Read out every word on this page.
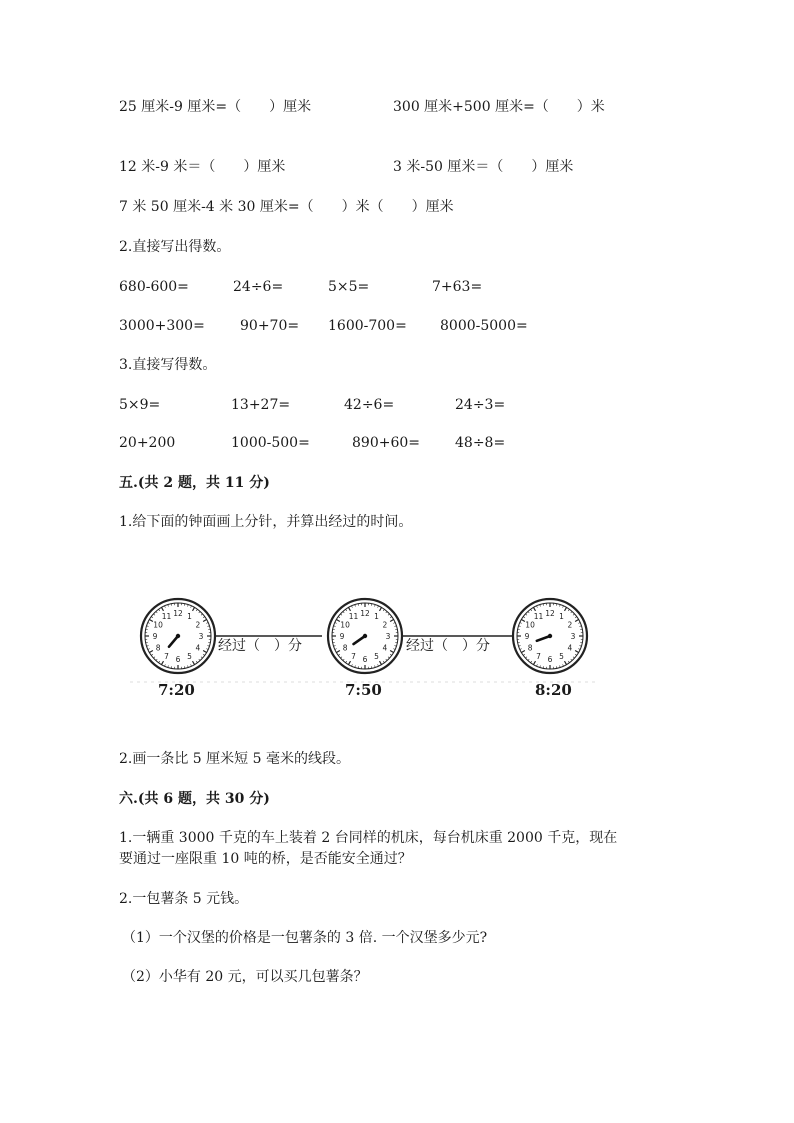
25 厘米-9 厘米=（　　）厘米	300 厘米+500 厘米=（　　）米
12 米-9 米＝（　　）厘米	3 米-50 厘米＝（　　）厘米
7 米 50 厘米-4 米 30 厘米=（　　）米（　　）厘米
2.直接写出得数。
680-600=	24÷6=	5×5=	7+63=
3000+300=	90+70= 1600-700= 8000-5000=
3.直接写得数。
5×9=	13+27=	42÷6=	24÷3=
20+200	1000-500=	890+60=	48÷8=
五.(共 2 题，共 11 分)
1.给下面的钟面画上分针，并算出经过的时间。
1
2
3
4
5
6
7
8
9
10
11 12	1
2
3
4
5
6
7
8
9
10
11 12	1
2
3
4
5
6
7
8
9
10
11 12
经过（　）分	经过（　）分
7:20	7:50	8:20
2.画一条比 5 厘米短 5 毫米的线段。
六.(共 6 题，共 30 分)
1.一辆重 3000 千克的车上装着 2 台同样的机床，每台机床重 2000 千克，现在
要通过一座限重 10 吨的桥，是否能安全通过？
2.一包薯条 5 元钱。
（1）一个汉堡的价格是一包薯条的 3 倍. 一个汉堡多少元?
（2）小华有 20 元，可以买几包薯条？
